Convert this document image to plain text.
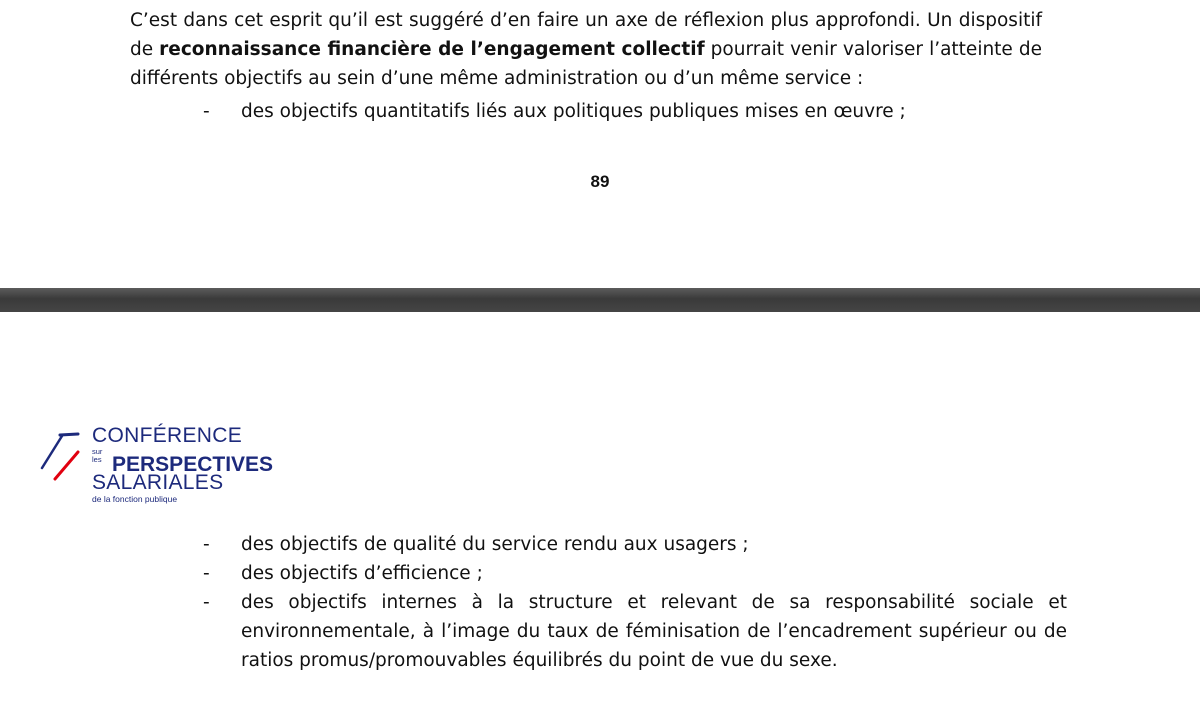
C’est dans cet esprit qu’il est suggéré d’en faire un axe de réflexion plus approfondi. Un dispositif de reconnaissance financière de l’engagement collectif pourrait venir valoriser l’atteinte de différents objectifs au sein d’une même administration ou d’un même service :

- des objectifs quantitatifs liés aux politiques publiques mises en œuvre ;
89
CONFÉRENCE
sur les PERSPECTIVES
SALARIALES
de la fonction publique
- des objectifs de qualité du service rendu aux usagers ;
- des objectifs d’efficience ;
- des objectifs internes à la structure et relevant de sa responsabilité sociale et environnementale, à l’image du taux de féminisation de l’encadrement supérieur ou de ratios promus/promouvables équilibrés du point de vue du sexe.
